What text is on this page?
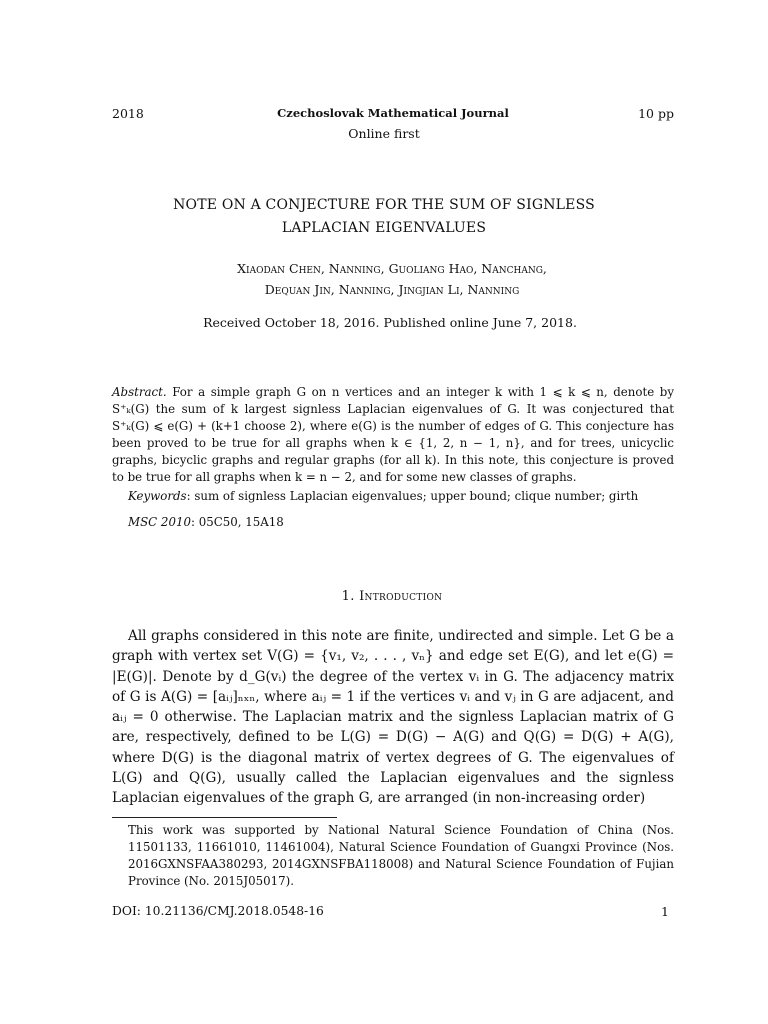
2018	Czechoslovak Mathematical Journal	10 pp
Online first
NOTE ON A CONJECTURE FOR THE SUM OF SIGNLESS
LAPLACIAN EIGENVALUES
Xiaodan Chen, Nanning, Guoliang Hao, Nanchang,
Dequan Jin, Nanning, Jingjian Li, Nanning
Received October 18, 2016. Published online June 7, 2018.

Abstract. For a simple graph G on n vertices and an integer k with 1 ⩽ k ⩽ n, denote by S⁺ₖ(G) the sum of k largest signless Laplacian eigenvalues of G. It was conjectured that S⁺ₖ(G) ⩽ e(G) + (k+1 choose 2), where e(G) is the number of edges of G. This conjecture has been proved to be true for all graphs when k ∈ {1, 2, n − 1, n}, and for trees, unicyclic graphs, bicyclic graphs and regular graphs (for all k). In this note, this conjecture is proved to be true for all graphs when k = n − 2, and for some new classes of graphs.

Keywords: sum of signless Laplacian eigenvalues; upper bound; clique number; girth
MSC 2010: 05C50, 15A18
1. Introduction

All graphs considered in this note are finite, undirected and simple. Let G be a graph with vertex set V(G) = {v₁, v₂, . . . , vₙ} and edge set E(G), and let e(G) = |E(G)|. Denote by d_G(vᵢ) the degree of the vertex vᵢ in G. The adjacency matrix of G is A(G) = [aᵢⱼ]ₙₓₙ, where aᵢⱼ = 1 if the vertices vᵢ and vⱼ in G are adjacent, and aᵢⱼ = 0 otherwise. The Laplacian matrix and the signless Laplacian matrix of G are, respectively, defined to be L(G) = D(G) − A(G) and Q(G) = D(G) + A(G), where D(G) is the diagonal matrix of vertex degrees of G. The eigenvalues of L(G) and Q(G), usually called the Laplacian eigenvalues and the signless Laplacian eigenvalues of the graph G, are arranged (in non-increasing order)

This work was supported by National Natural Science Foundation of China (Nos. 11501133, 11661010, 11461004), Natural Science Foundation of Guangxi Province (Nos. 2016GXNSFAA380293, 2014GXNSFBA118008) and Natural Science Foundation of Fujian Province (No. 2015J05017).
DOI: 10.21136/CMJ.2018.0548-16	1
